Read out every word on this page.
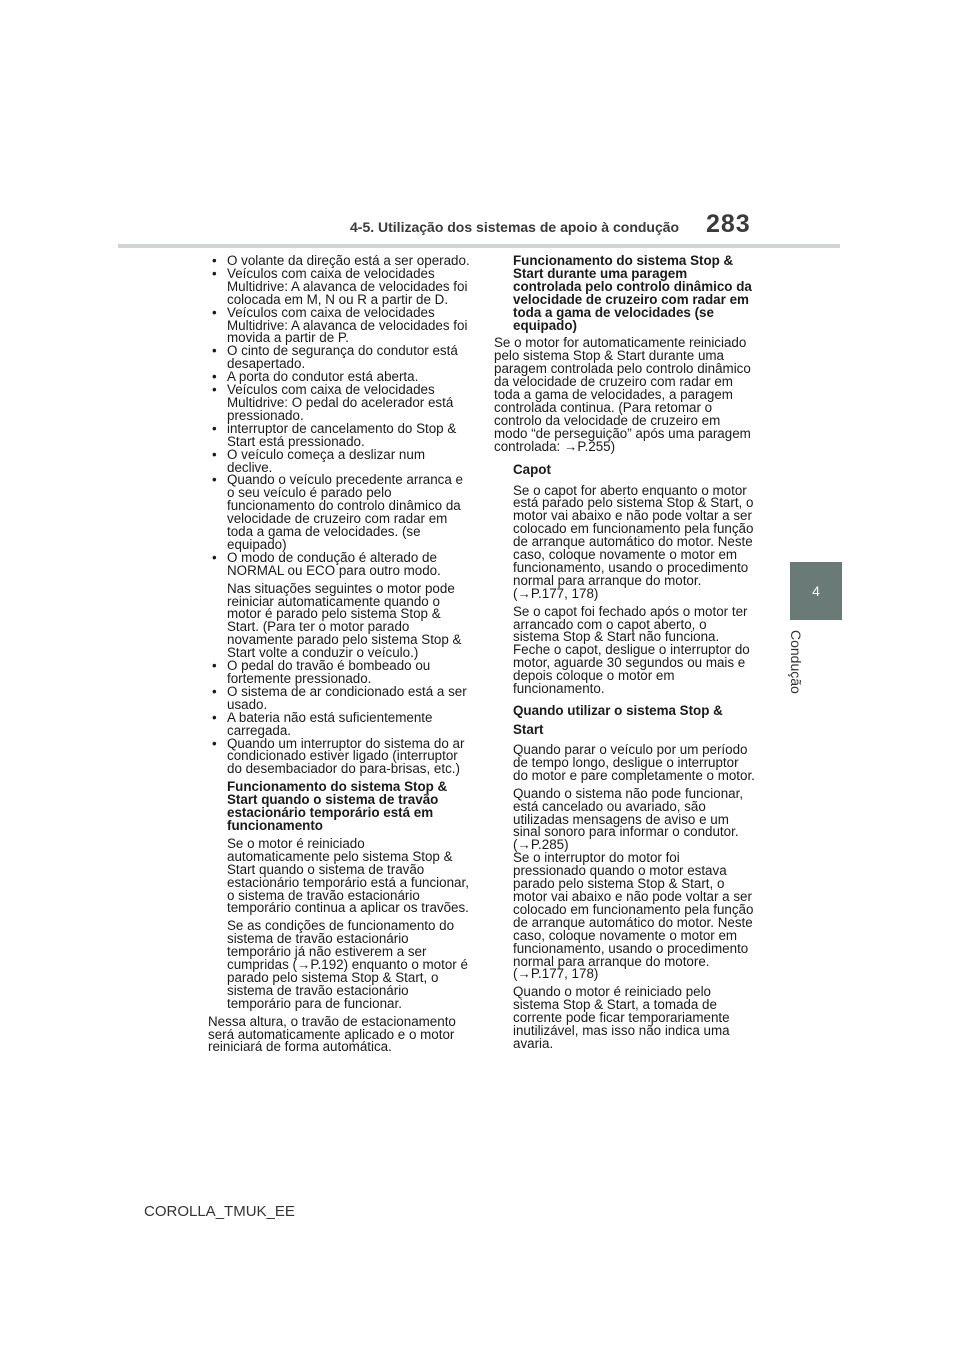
4-5. Utilização dos sistemas de apoio à condução 283
4
Condução
• O volante da direção está a ser operado.
• Veículos com caixa de velocidades Multidrive: A alavanca de velocidades foi colocada em M, N ou R a partir de D.
• Veículos com caixa de velocidades Multidrive: A alavanca de velocidades foi movida a partir de P.
• O cinto de segurança do condutor está desapertado.
• A porta do condutor está aberta.
• Veículos com caixa de velocidades Multidrive: O pedal do acelerador está pressionado.
• interruptor de cancelamento do Stop & Start está pressionado.
• O veículo começa a deslizar num declive.
• Quando o veículo precedente arranca e o seu veículo é parado pelo funcionamento do controlo dinâmico da velocidade de cruzeiro com radar em toda a gama de velocidades. (se equipado)
• O modo de condução é alterado de NORMAL ou ECO para outro modo.

Nas situações seguintes o motor pode reiniciar automaticamente quando o motor é parado pelo sistema Stop & Start. (Para ter o motor parado novamente parado pelo sistema Stop & Start volte a conduzir o veículo.)

• O pedal do travão é bombeado ou fortemente pressionado.
• O sistema de ar condicionado está a ser usado.
• A bateria não está suficientemente carregada.
• Quando um interruptor do sistema do ar condicionado estiver ligado (interruptor do desembaciador do para-brisas, etc.)

Funcionamento do sistema Stop & Start quando o sistema de travão estacionário temporário está em funcionamento

Se o motor é reiniciado automaticamente pelo sistema Stop & Start quando o sistema de travão estacionário temporário está a funcionar, o sistema de travão estacionário temporário continua a aplicar os travões.

Se as condições de funcionamento do sistema de travão estacionário temporário já não estiverem a ser cumpridas (→P.192) enquanto o motor é parado pelo sistema Stop & Start, o sistema de travão estacionário temporário para de funcionar.

Nessa altura, o travão de estacionamento será automaticamente aplicado e o motor reiniciará de forma automática.

Funcionamento do sistema Stop & Start durante uma paragem controlada pelo controlo dinâmico da velocidade de cruzeiro com radar em toda a gama de velocidades (se equipado)

Se o motor for automaticamente reiniciado pelo sistema Stop & Start durante uma paragem controlada pelo controlo dinâmico da velocidade de cruzeiro com radar em toda a gama de velocidades, a paragem controlada continua. (Para retomar o controlo da velocidade de cruzeiro em modo “de perseguição” após uma paragem controlada: →P.255)

Capot

Se o capot for aberto enquanto o motor está parado pelo sistema Stop & Start, o motor vai abaixo e não pode voltar a ser colocado em funcionamento pela função de arranque automático do motor. Neste caso, coloque novamente o motor em funcionamento, usando o procedimento normal para arranque do motor. (→P.177, 178)

Se o capot foi fechado após o motor ter arrancado com o capot aberto, o sistema Stop & Start não funciona. Feche o capot, desligue o interruptor do motor, aguarde 30 segundos ou mais e depois coloque o motor em funcionamento.

Quando utilizar o sistema Stop & Start

Quando parar o veículo por um período de tempo longo, desligue o interruptor do motor e pare completamente o motor.

Quando o sistema não pode funcionar, está cancelado ou avariado, são utilizadas mensagens de aviso e um sinal sonoro para informar o condutor. (→P.285)

Se o interruptor do motor foi pressionado quando o motor estava parado pelo sistema Stop & Start, o motor vai abaixo e não pode voltar a ser colocado em funcionamento pela função de arranque automático do motor. Neste caso, coloque novamente o motor em funcionamento, usando o procedimento normal para arranque do motore. (→P.177, 178)

Quando o motor é reiniciado pelo sistema Stop & Start, a tomada de corrente pode ficar temporariamente inutilizável, mas isso não indica uma avaria.

COROLLA_TMUK_EE
